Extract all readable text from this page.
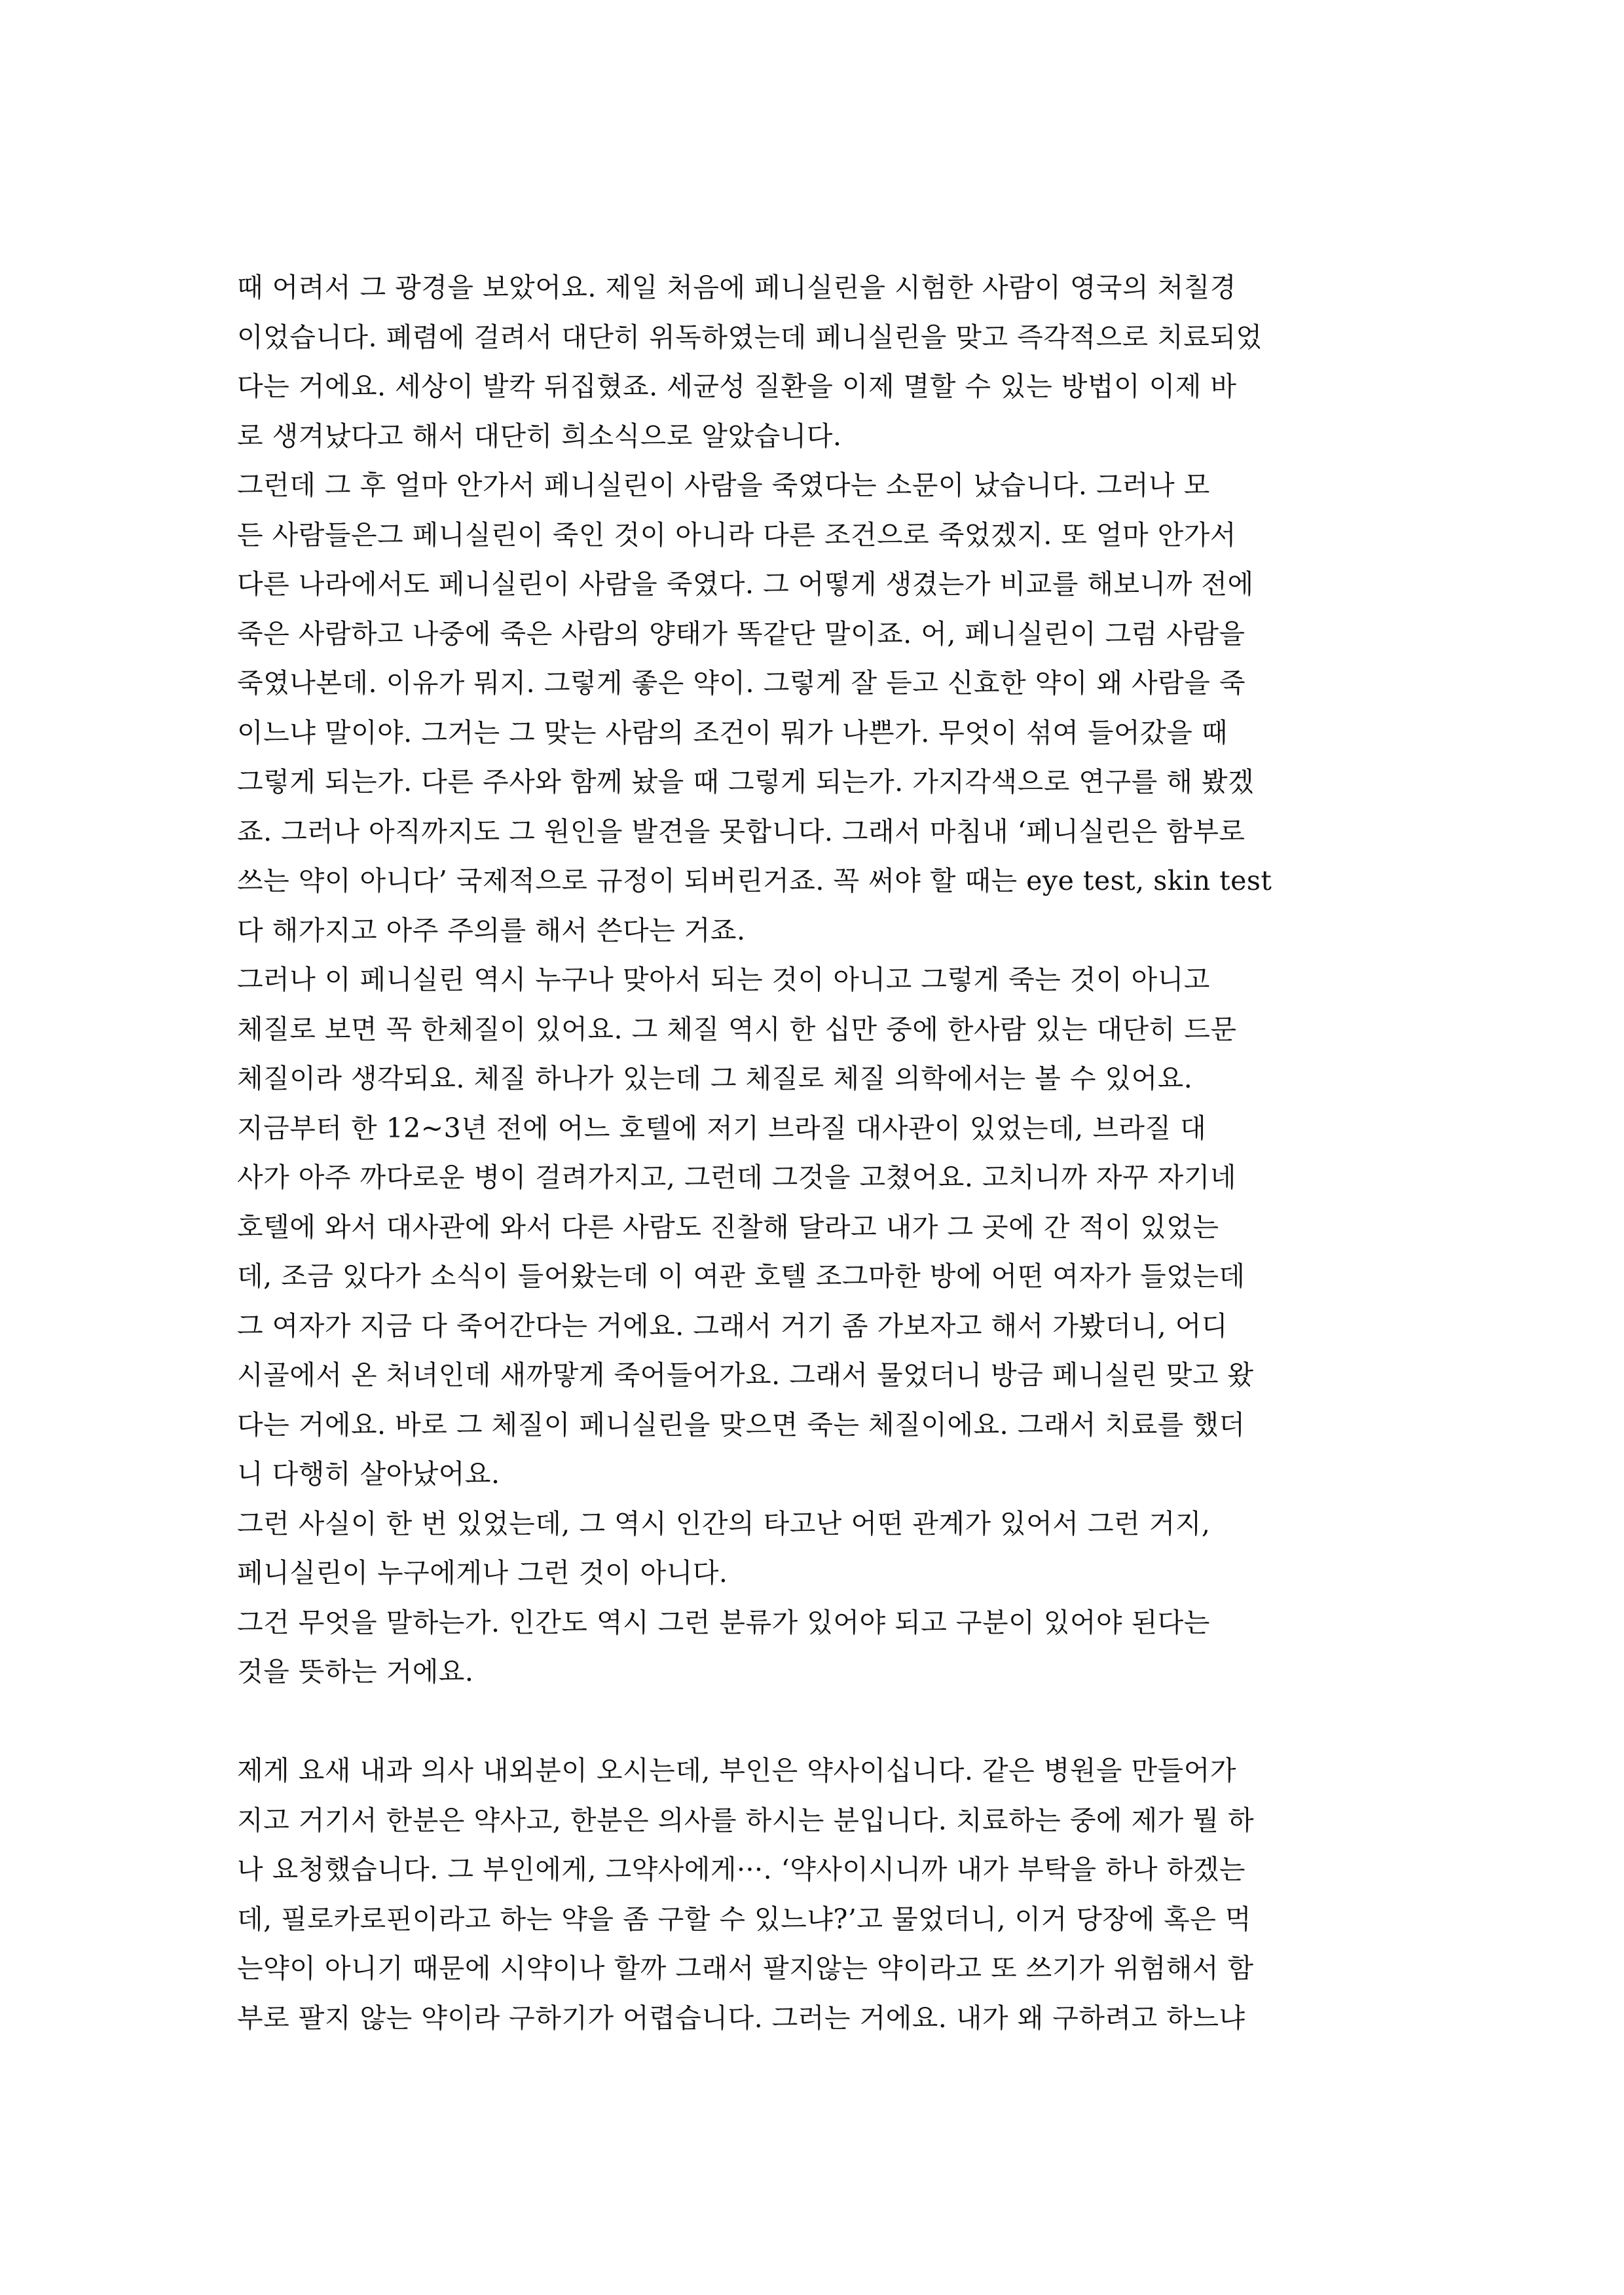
때 어려서 그 광경을 보았어요. 제일 처음에 페니실린을 시험한 사람이 영국의 처칠경
이었습니다. 폐렴에 걸려서 대단히 위독하였는데 페니실린을 맞고 즉각적으로 치료되었
다는 거에요. 세상이 발칵 뒤집혔죠. 세균성 질환을 이제 멸할 수 있는 방법이 이제 바
로 생겨났다고 해서 대단히 희소식으로 알았습니다.
그런데 그 후 얼마 안가서 페니실린이 사람을 죽였다는 소문이 났습니다. 그러나 모
든 사람들은그 페니실린이 죽인 것이 아니라 다른 조건으로 죽었겠지. 또 얼마 안가서
다른 나라에서도 페니실린이 사람을 죽였다. 그 어떻게 생겼는가 비교를 해보니까 전에
죽은 사람하고 나중에 죽은 사람의 양태가 똑같단 말이죠. 어, 페니실린이 그럼 사람을
죽였나본데. 이유가 뭐지. 그렇게 좋은 약이. 그렇게 잘 듣고 신효한 약이 왜 사람을 죽
이느냐 말이야. 그거는 그 맞는 사람의 조건이 뭐가 나쁜가. 무엇이 섞여 들어갔을 때
그렇게 되는가. 다른 주사와 함께 놨을 때 그렇게 되는가. 가지각색으로 연구를 해 봤겠
죠. 그러나 아직까지도 그 원인을 발견을 못합니다. 그래서 마침내 ‘페니실린은 함부로
쓰는 약이 아니다’ 국제적으로 규정이 되버린거죠. 꼭 써야 할 때는 eye test, skin test
다 해가지고 아주 주의를 해서 쓴다는 거죠.
그러나 이 페니실린 역시 누구나 맞아서 되는 것이 아니고 그렇게 죽는 것이 아니고
체질로 보면 꼭 한체질이 있어요. 그 체질 역시 한 십만 중에 한사람 있는 대단히 드문
체질이라 생각되요. 체질 하나가 있는데 그 체질로 체질 의학에서는 볼 수 있어요.
지금부터 한 12~3년 전에 어느 호텔에 저기 브라질 대사관이 있었는데, 브라질 대
사가 아주 까다로운 병이 걸려가지고, 그런데 그것을 고쳤어요. 고치니까 자꾸 자기네
호텔에 와서 대사관에 와서 다른 사람도 진찰해 달라고 내가 그 곳에 간 적이 있었는
데, 조금 있다가 소식이 들어왔는데 이 여관 호텔 조그마한 방에 어떤 여자가 들었는데
그 여자가 지금 다 죽어간다는 거에요. 그래서 거기 좀 가보자고 해서 가봤더니, 어디
시골에서 온 처녀인데 새까맣게 죽어들어가요. 그래서 물었더니 방금 페니실린 맞고 왔
다는 거에요. 바로 그 체질이 페니실린을 맞으면 죽는 체질이에요. 그래서 치료를 했더
니 다행히 살아났어요.
그런 사실이 한 번 있었는데, 그 역시 인간의 타고난 어떤 관계가 있어서 그런 거지,
페니실린이 누구에게나 그런 것이 아니다.
그건 무엇을 말하는가. 인간도 역시 그런 분류가 있어야 되고 구분이 있어야 된다는
것을 뜻하는 거에요.
제게 요새 내과 의사 내외분이 오시는데, 부인은 약사이십니다. 같은 병원을 만들어가
지고 거기서 한분은 약사고, 한분은 의사를 하시는 분입니다. 치료하는 중에 제가 뭘 하
나 요청했습니다. 그 부인에게, 그약사에게···. ‘약사이시니까 내가 부탁을 하나 하겠는
데, 필로카로핀이라고 하는 약을 좀 구할 수 있느냐?’고 물었더니, 이거 당장에 혹은 먹
는약이 아니기 때문에 시약이나 할까 그래서 팔지않는 약이라고 또 쓰기가 위험해서 함
부로 팔지 않는 약이라 구하기가 어렵습니다. 그러는 거에요. 내가 왜 구하려고 하느냐
